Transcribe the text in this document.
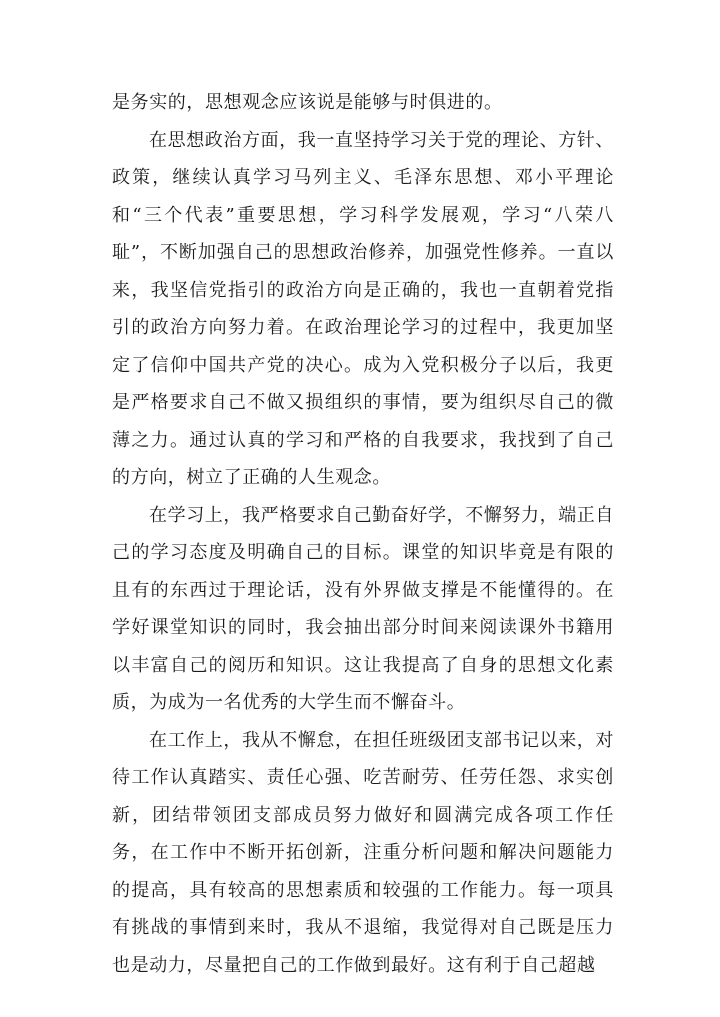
是务实的，思想观念应该说是能够与时俱进的。

在思想政治方面，我一直坚持学习关于党的理论、方针、政策，继续认真学习马列主义、毛泽东思想、邓小平理论和“三个代表”重要思想，学习科学发展观，学习“八荣八耻”，不断加强自己的思想政治修养，加强党性修养。一直以来，我坚信党指引的政治方向是正确的，我也一直朝着党指引的政治方向努力着。在政治理论学习的过程中，我更加坚定了信仰中国共产党的决心。成为入党积极分子以后，我更是严格要求自己不做又损组织的事情，要为组织尽自己的微薄之力。通过认真的学习和严格的自我要求，我找到了自己的方向，树立了正确的人生观念。

在学习上，我严格要求自己勤奋好学，不懈努力，端正自己的学习态度及明确自己的目标。课堂的知识毕竟是有限的且有的东西过于理论话，没有外界做支撑是不能懂得的。在学好课堂知识的同时，我会抽出部分时间来阅读课外书籍用以丰富自己的阅历和知识。这让我提高了自身的思想文化素质，为成为一名优秀的大学生而不懈奋斗。

在工作上，我从不懈怠，在担任班级团支部书记以来，对待工作认真踏实、责任心强、吃苦耐劳、任劳任怨、求实创新，团结带领团支部成员努力做好和圆满完成各项工作任务，在工作中不断开拓创新，注重分析问题和解决问题能力的提高，具有较高的思想素质和较强的工作能力。每一项具有挑战的事情到来时，我从不退缩，我觉得对自己既是压力也是动力，尽量把自己的工作做到最好。这有利于自己超越
